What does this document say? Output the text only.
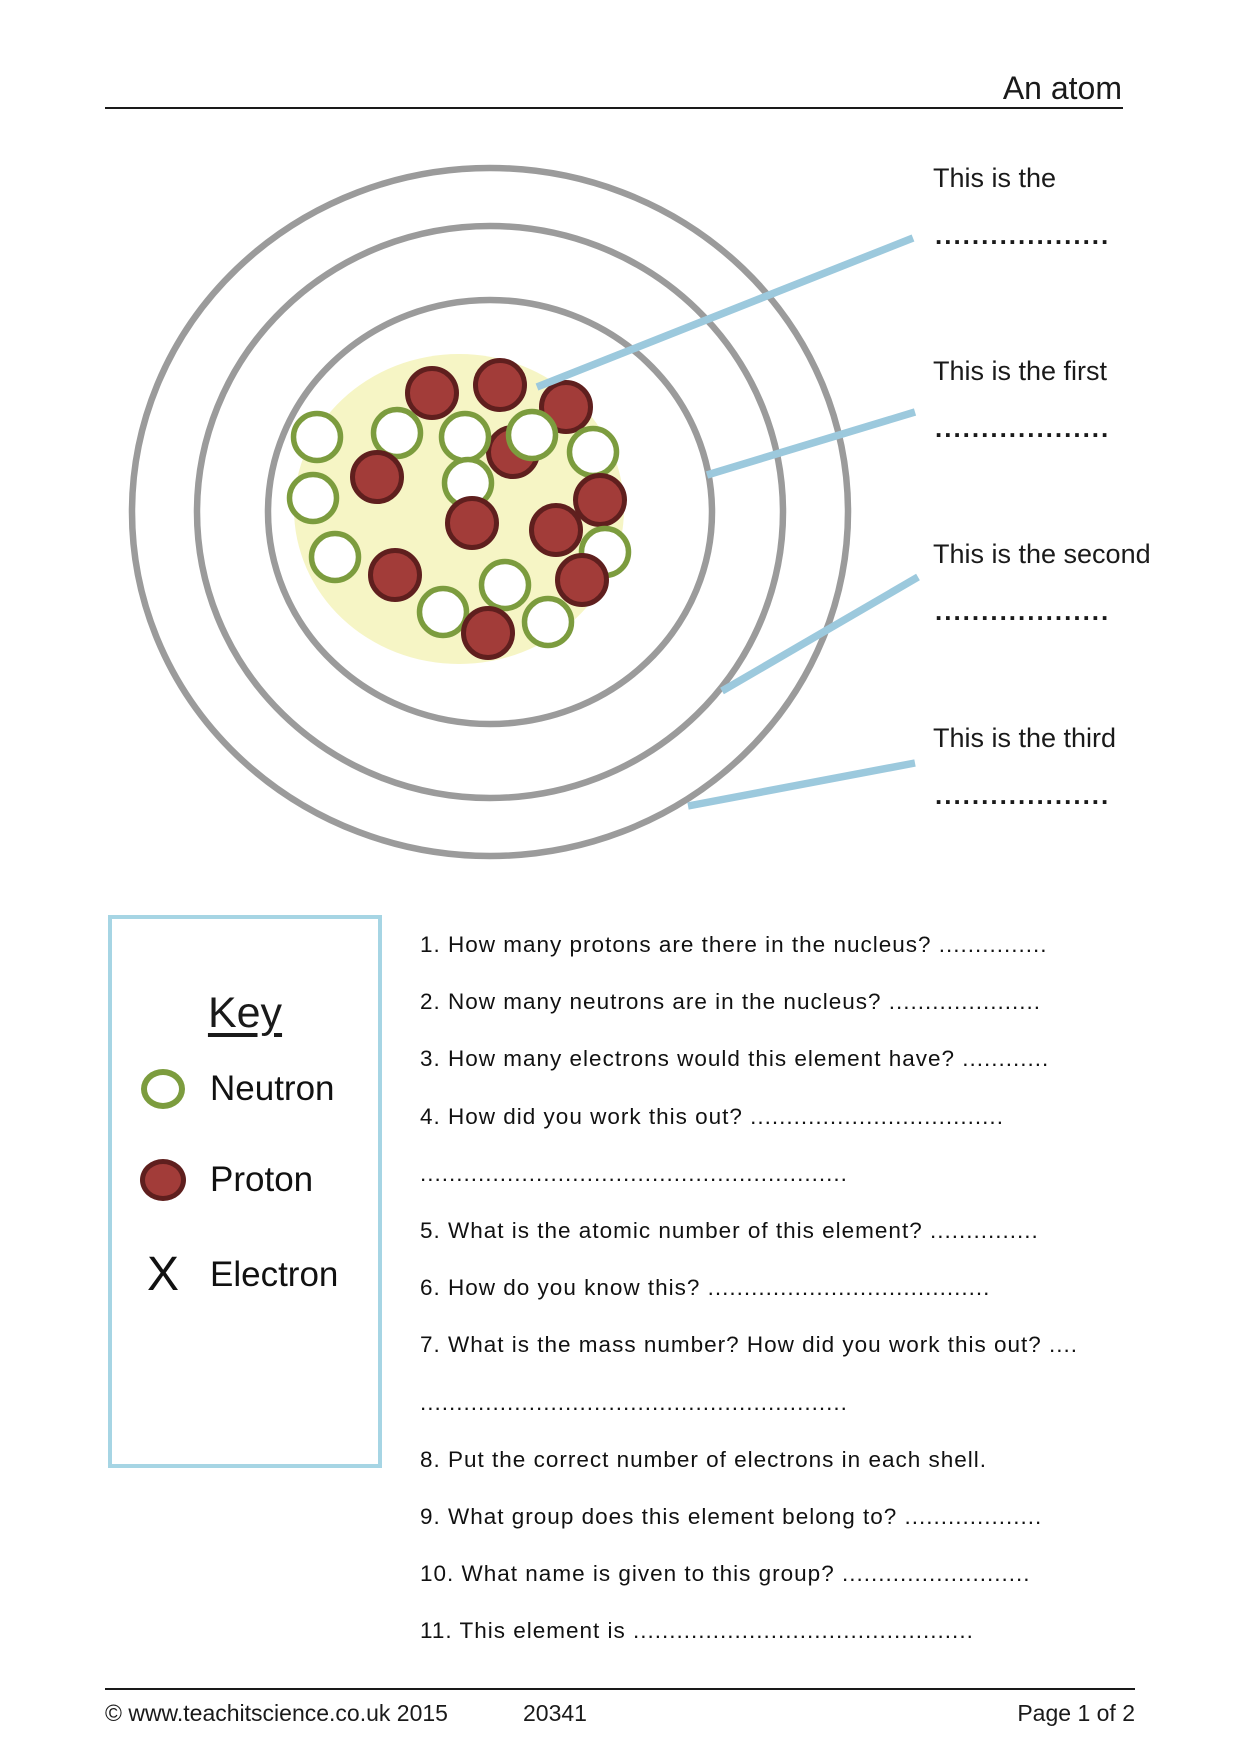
An atom
This is the
...................
This is the first
...................
This is the second
...................
This is the third
...................
Key
Neutron
Proton
X Electron
1. How many protons are there in the nucleus? ...............
2. Now many neutrons are in the nucleus? .....................
3. How many electrons would this element have? ............
4. How did you work this out? ...................................
...........................................................
5. What is the atomic number of this element? ...............
6. How do you know this? .......................................
7. What is the mass number? How did you work this out? ....
...........................................................
8. Put the correct number of electrons in each shell.
9. What group does this element belong to? ...................
10. What name is given to this group? ..........................
11. This element is ...............................................
© www.teachitscience.co.uk 2015	20341	Page 1 of 2
